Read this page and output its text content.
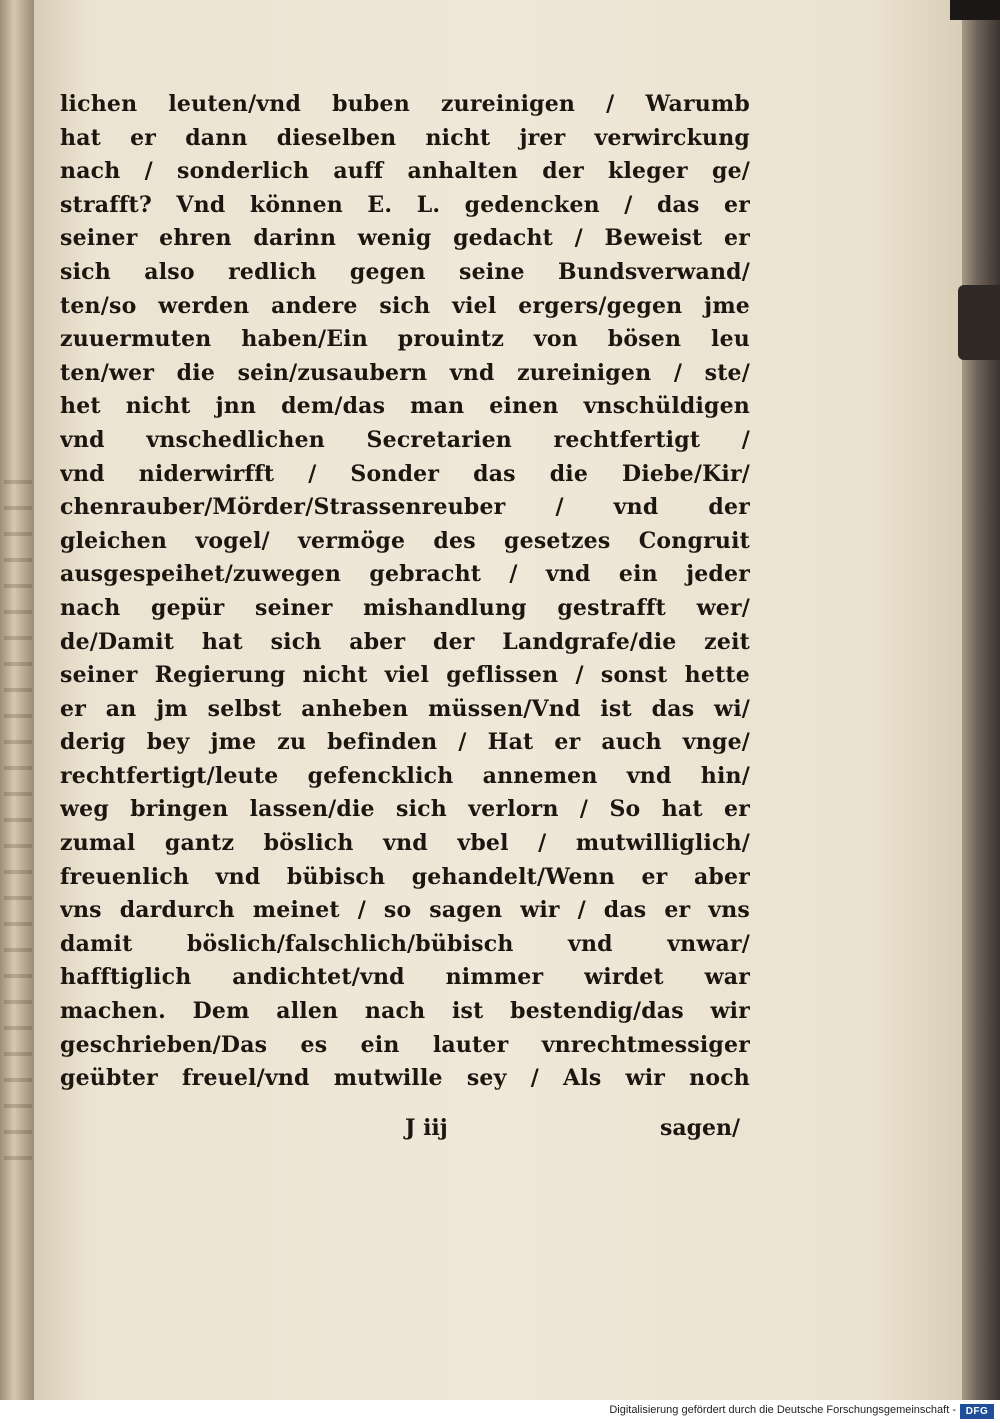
lichen leuten/vnd buben zureinigen / Warumb
hat er dann dieselben nicht jrer verwirckung
nach / sonderlich auff anhalten der kleger ge/
strafft? Vnd können E. L. gedencken / das er
seiner ehren darinn wenig gedacht / Beweist er
sich also redlich gegen seine Bundsverwand/
ten/so werden andere sich viel ergers/gegen jme
zuuermuten haben/Ein prouintz von bösen leu
ten/wer die sein/zusaubern vnd zureinigen / ste/
het nicht jnn dem/das man einen vnschüldigen
vnd vnschedlichen Secretarien rechtfertigt /
vnd niderwirfft / Sonder das die Diebe/Kir/
chenrauber/Mörder/Strassenreuber / vnd der
gleichen vogel/ vermöge des gesetzes Congruit
ausgespeihet/zuwegen gebracht / vnd ein jeder
nach gepür seiner mishandlung gestrafft wer/
de/Damit hat sich aber der Landgrafe/die zeit
seiner Regierung nicht viel geflissen / sonst hette
er an jm selbst anheben müssen/Vnd ist das wi/
derig bey jme zu befinden / Hat er auch vnge/
rechtfertigt/leute gefencklich annemen vnd hin/
weg bringen lassen/die sich verlorn / So hat er
zumal gantz böslich vnd vbel / mutwilliglich/
freuenlich vnd bübisch gehandelt/Wenn er aber
vns dardurch meinet / so sagen wir / das er vns
damit böslich/falschlich/bübisch vnd vnwar/
hafftiglich andichtet/vnd nimmer wirdet war
machen. Dem allen nach ist bestendig/das wir
geschrieben/Das es ein lauter vnrechtmessiger
geübter freuel/vnd mutwille sey / Als wir noch
J iij	sagen/
Digitalisierung gefördert durch die Deutsche Forschungsgemeinschaft - DFG
